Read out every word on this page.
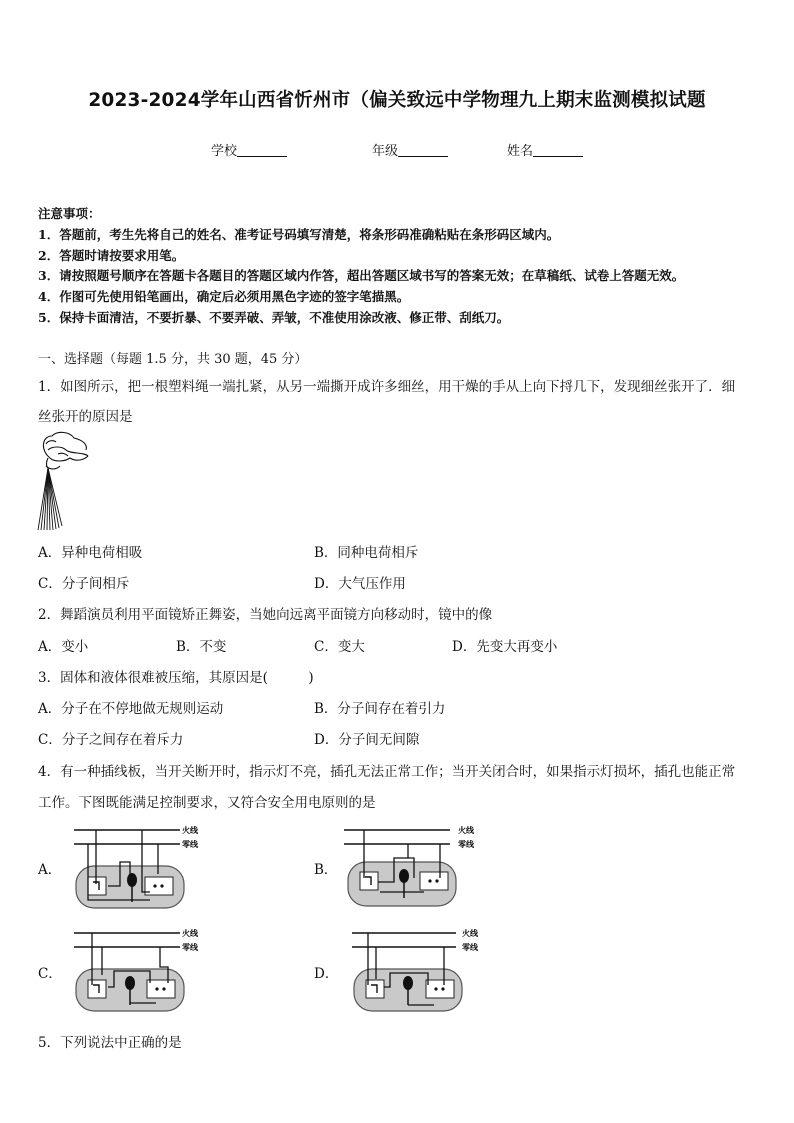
2023-2024学年山西省忻州市（偏关致远中学物理九上期末监测模拟试题
学校	年级	姓名
注意事项：
1．答题前，考生先将自己的姓名、准考证号码填写清楚，将条形码准确粘贴在条形码区域内。
2．答题时请按要求用笔。
3．请按照题号顺序在答题卡各题目的答题区域内作答，超出答题区域书写的答案无效；在草稿纸、试卷上答题无效。
4．作图可先使用铅笔画出，确定后必须用黑色字迹的签字笔描黑。
5．保持卡面清洁，不要折暴、不要弄破、弄皱，不准使用涂改液、修正带、刮纸刀。
一、选择题（每题 1.5 分，共 30 题，45 分）
1．如图所示，把一根塑料绳一端扎紧，从另一端撕开成许多细丝，用干燥的手从上向下捋几下，发现细丝张开了．细
丝张开的原因是
A．异种电荷相吸	B．同种电荷相斥
C．分子间相斥	D．大气压作用
2．舞蹈演员利用平面镜矫正舞姿，当她向远离平面镜方向移动时，镜中的像
A．变小	B．不变	C．变大	D．先变大再变小
3．固体和液体很难被压缩，其原因是(　　　)
A．分子在不停地做无规则运动	B．分子间存在着引力
C．分子之间存在着斥力	D．分子间无间隙
4．有一种插线板，当开关断开时，指示灯不亮，插孔无法正常工作；当开关闭合时，如果指示灯损坏，插孔也能正常
工作。下图既能满足控制要求，又符合安全用电原则的是
A．	B．
C．	D．
火线
零线
火线
零线
火线
零线
火线
零线
5．下列说法中正确的是
